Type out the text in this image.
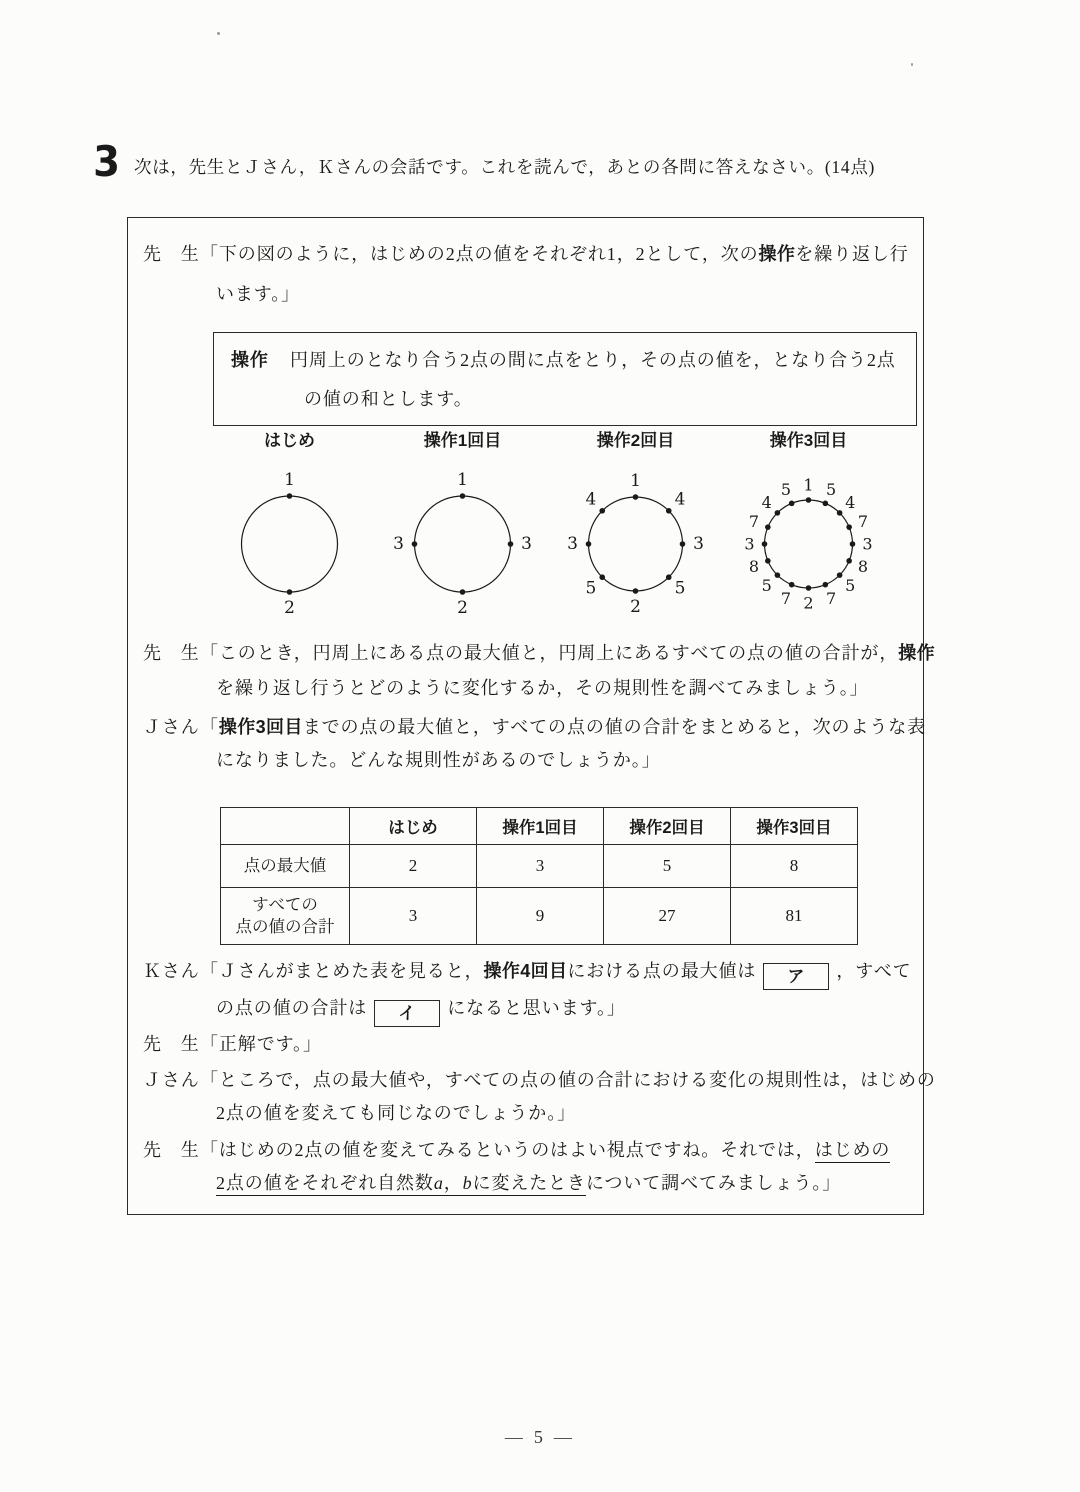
3 次は，先生とＪさん，Ｋさんの会話です。これを読んで，あとの各問に答えなさい。(14点)
操作 円周上のとなり合う2点の間に点をとり，その点の値を，となり合う2点
の値の和とします。
はじめ
1
2
操作1回目
1
3
2
3
操作2回目
1
4
3
5
2
5
3
4
操作3回目
1 5
4
7
3
8
5
7
2
7
5
8
3
7
4
5
	はじめ	操作1回目	操作2回目	操作3回目
点の最大値	2	3	5	8
すべての
点の値の合計	3	9	27	81
先　生「下の図のように，はじめの2点の値をそれぞれ1，2として，次の操作を繰り返し行
います。」
先　生「このとき，円周上にある点の最大値と，円周上にあるすべての点の値の合計が，操作
を繰り返し行うとどのように変化するか，その規則性を調べてみましょう。」
Ｊさん「操作3回目までの点の最大値と，すべての点の値の合計をまとめると，次のような表
になりました。どんな規則性があるのでしょうか。」
Ｋさん「Ｊさんがまとめた表を見ると，操作4回目における点の最大値は ア ，すべて
の点の値の合計は イ になると思います。」
先　生「正解です。」
Ｊさん「ところで，点の最大値や，すべての点の値の合計における変化の規則性は，はじめの
2点の値を変えても同じなのでしょうか。」
先　生「はじめの2点の値を変えてみるというのはよい視点ですね。それでは，はじめの
2点の値をそれぞれ自然数a，bに変えたときについて調べてみましょう。」
— 5 —
